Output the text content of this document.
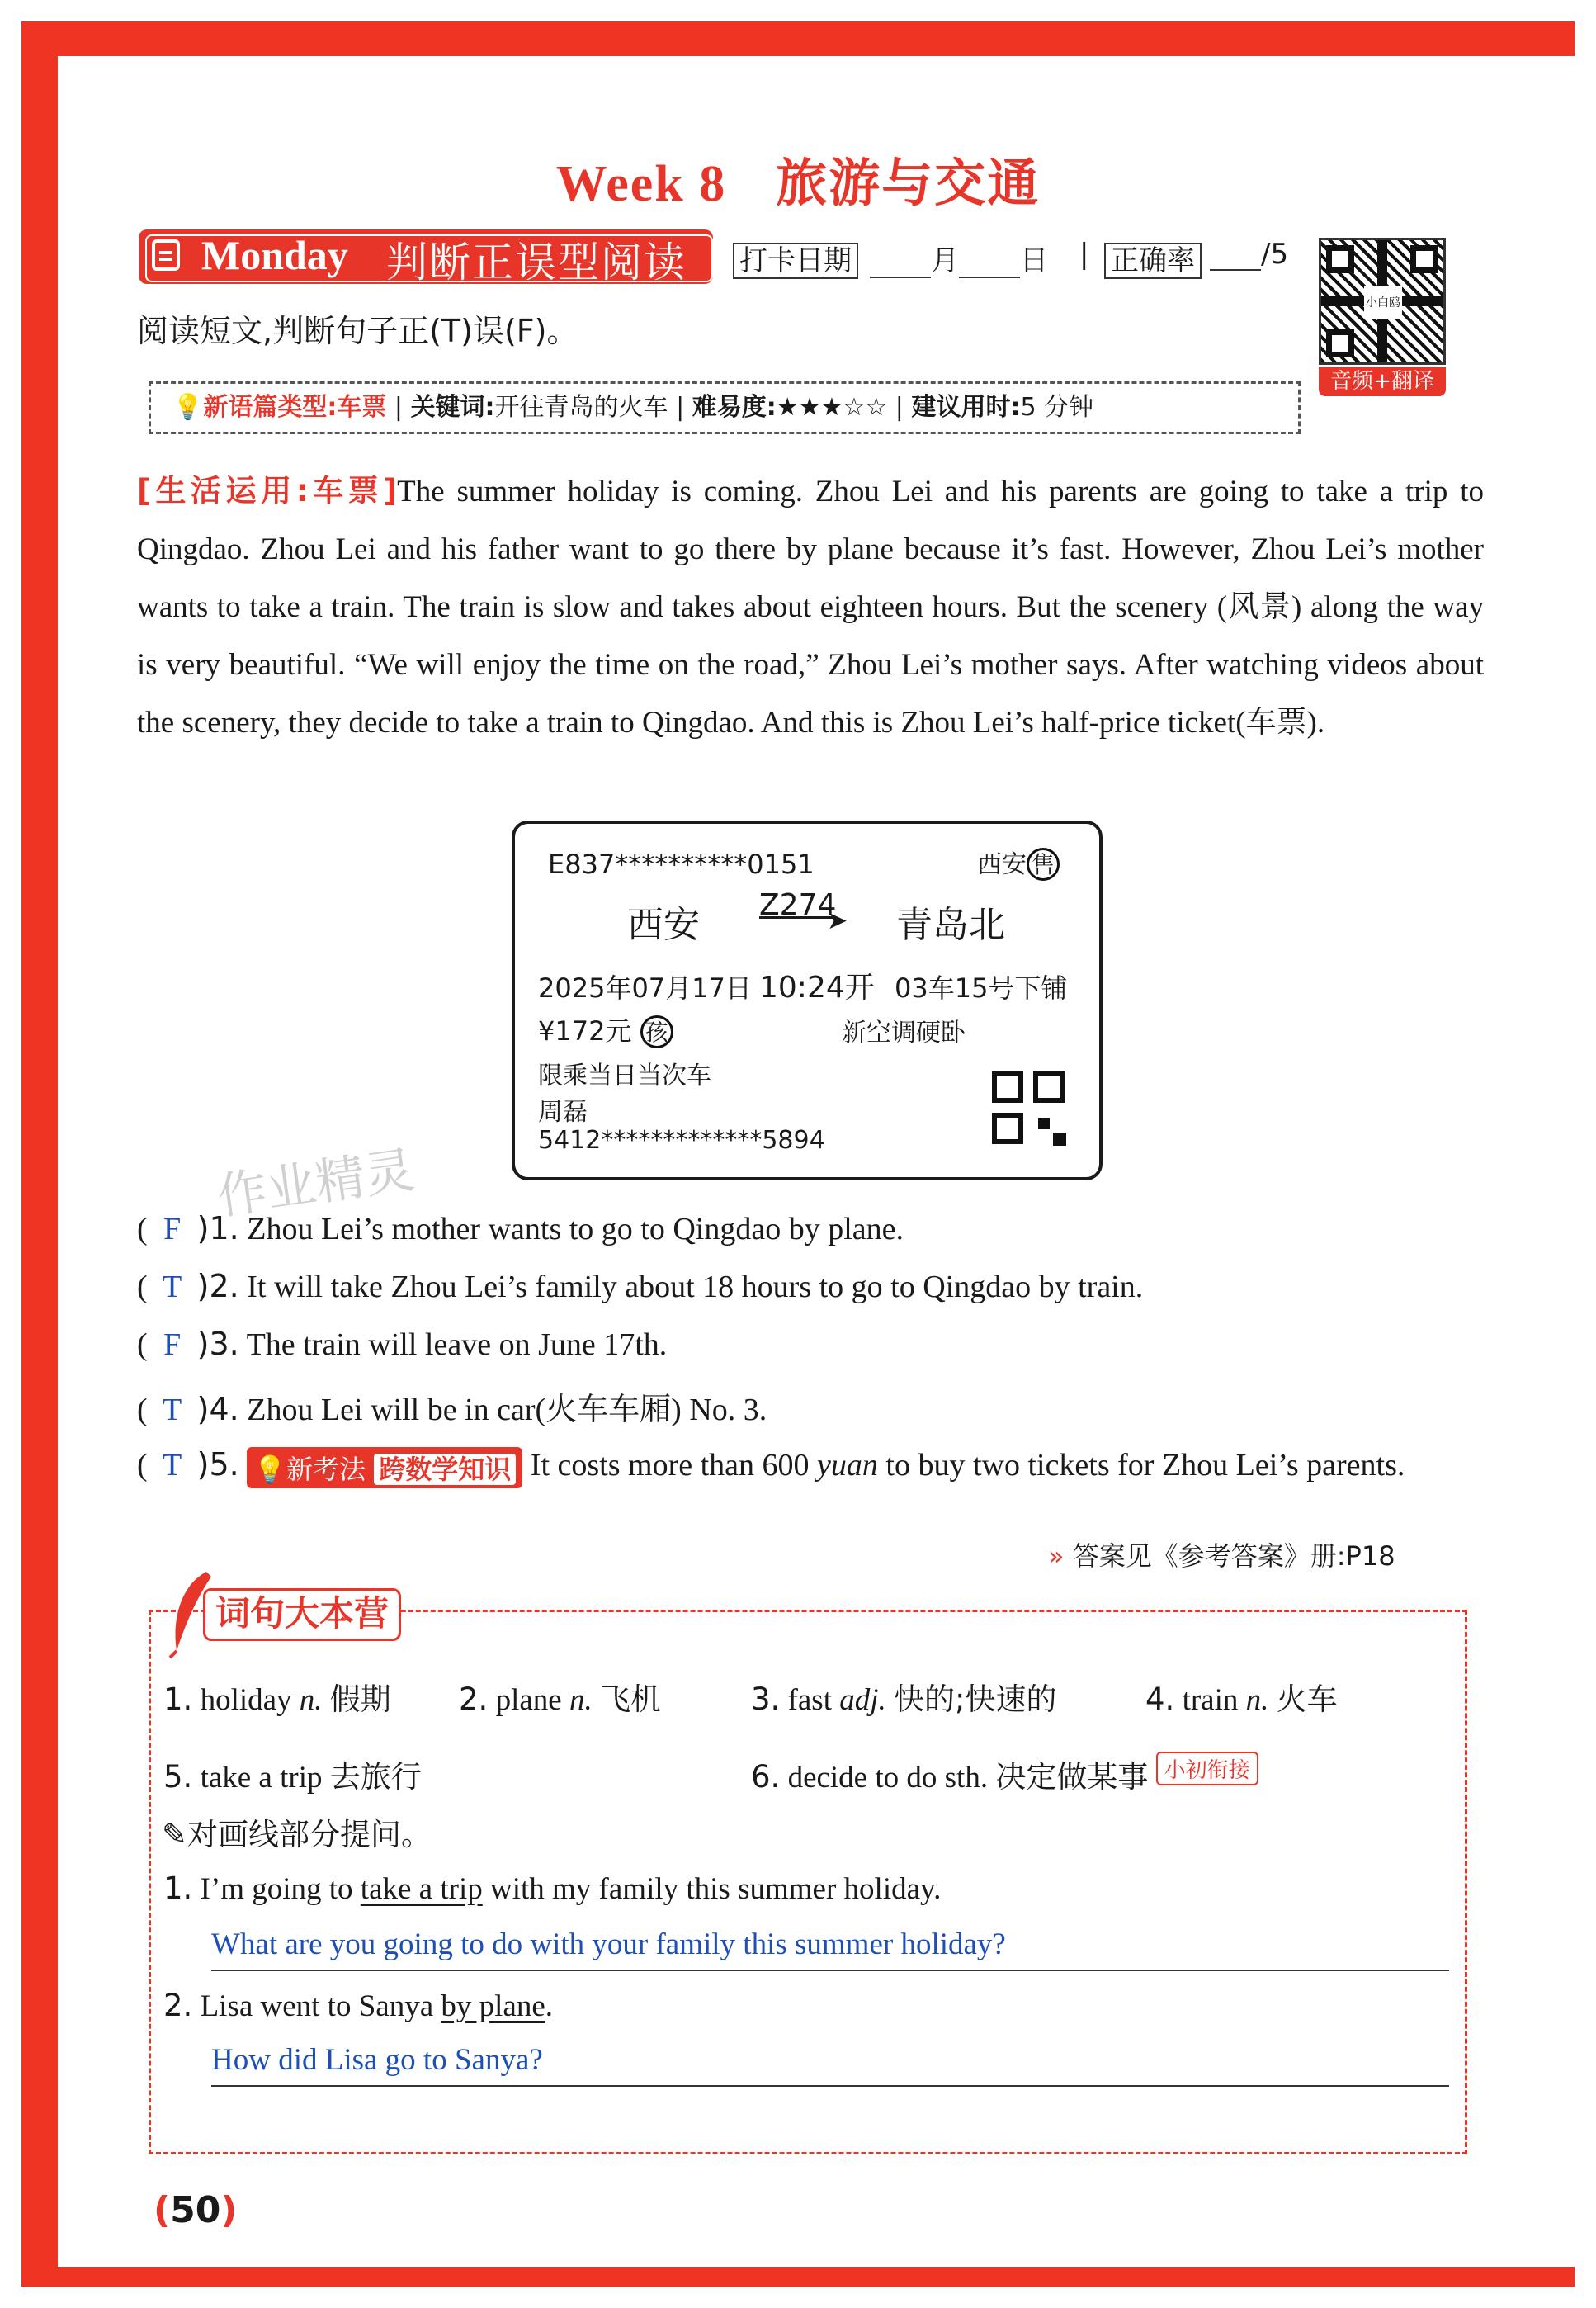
Week 8 旅游与交通
Monday 判断正误型阅读 打卡日期	月 日 | 正确率	/5
小白鸥
音频+翻译
阅读短文,判断句子正(T)误(F)。
💡新语篇类型:车票 | 关键词:开往青岛的火车 | 难易度:★★★☆☆ | 建议用时:5 分钟
[生活运用:车票]The summer holiday is coming. Zhou Lei and his parents are going to take a trip to Qingdao. Zhou Lei and his father want to go there by plane because it’s fast. However, Zhou Lei’s mother wants to take a train. The train is slow and takes about eighteen hours. But the scenery (风景) along the way is very beautiful. “We will enjoy the time on the road,” Zhou Lei’s mother says. After watching videos about the scenery, they decide to take a train to Qingdao. And this is Zhou Lei’s half-price ticket(车票).
E837**********0151	西安 售
西安 Z274
➤ 青岛北
2025年07月17日 10:24开 03车15号下铺
¥172元 孩	新空调硬卧
限乘当日当次车
周磊
5412*************5894
作业精灵
( F )1. Zhou Lei’s mother wants to go to Qingdao by plane.
( T )2. It will take Zhou Lei’s family about 18 hours to go to Qingdao by train.
( F )3. The train will leave on June 17th.
( T )4. Zhou Lei will be in car(火车车厢) No. 3.
( T )5. 💡新考法 跨数学知识 It costs more than 600 yuan to buy two tickets for Zhou Lei’s parents.
» 答案见《参考答案》册:P18
词句大本营
1. holiday n. 假期 2. plane n. 飞机	3. fast adj. 快的;快速的	4. train n. 火车
5. take a trip 去旅行	6. decide to do sth. 决定做某事 小初衔接
✎对画线部分提问。
1. I’m going to take a trip with my family this summer holiday.
What are you going to do with your family this summer holiday?
2. Lisa went to Sanya by plane.
How did Lisa go to Sanya?
(50)
